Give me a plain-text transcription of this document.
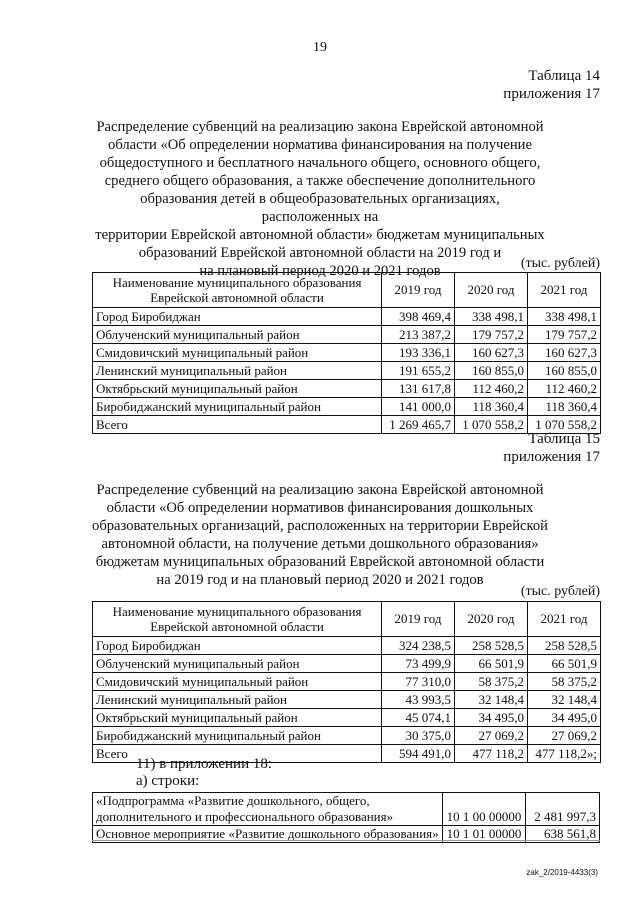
19
Таблица 14
приложения 17
Распределение субвенций на реализацию закона Еврейской автономной
области «Об определении норматива финансирования на получение
общедоступного и бесплатного начального общего, основного общего,
среднего общего образования, а также обеспечение дополнительного
образования детей в общеобразовательных организациях, расположенных на
территории Еврейской автономной области» бюджетам муниципальных
образований Еврейской автономной области на 2019 год и
на плановый период 2020 и 2021 годов	(тыс. рублей)
Наименование муниципального образования
Еврейской автономной области	2019 год	2020 год	2021 год
Город Биробиджан	398 469,4	338 498,1	338 498,1
Облученский муниципальный район	213 387,2	179 757,2	179 757,2
Смидовичский муниципальный район	193 336,1	160 627,3	160 627,3
Ленинский муниципальный район	191 655,2	160 855,0	160 855,0
Октябрьский муниципальный район	131 617,8	112 460,2	112 460,2
Биробиджанский муниципальный район	141 000,0	118 360,4	118 360,4
Всего	1 269 465,7	1 070 558,2	1 070 558,2
Таблица 15
приложения 17
Распределение субвенций на реализацию закона Еврейской автономной
области «Об определении нормативов финансирования дошкольных
образовательных организаций, расположенных на территории Еврейской
автономной области, на получение детьми дошкольного образования»
бюджетам муниципальных образований Еврейской автономной области
на 2019 год и на плановый период 2020 и 2021 годов
(тыс. рублей)
Наименование муниципального образования
Еврейской автономной области	2019 год	2020 год	2021 год
Город Биробиджан	324 238,5	258 528,5	258 528,5
Облученский муниципальный район	73 499,9	66 501,9	66 501,9
Смидовичский муниципальный район	77 310,0	58 375,2	58 375,2
Ленинский муниципальный район	43 993,5	32 148,4	32 148,4
Октябрьский муниципальный район	45 074,1	34 495,0	34 495,0
Биробиджанский муниципальный район	30 375,0	27 069,2	27 069,2
Всего	594 491,0	477 118,2	477 118,2»;
11) в приложении 18:
а) строки:
«Подпрограмма «Развитие дошкольного, общего,
дополнительного и профессионального образования»	10 1 00 00000	2 481 997,3
Основное мероприятие «Развитие дошкольного образования»	10 1 01 00000	638 561,8
zak_2/2019-4433(3)
